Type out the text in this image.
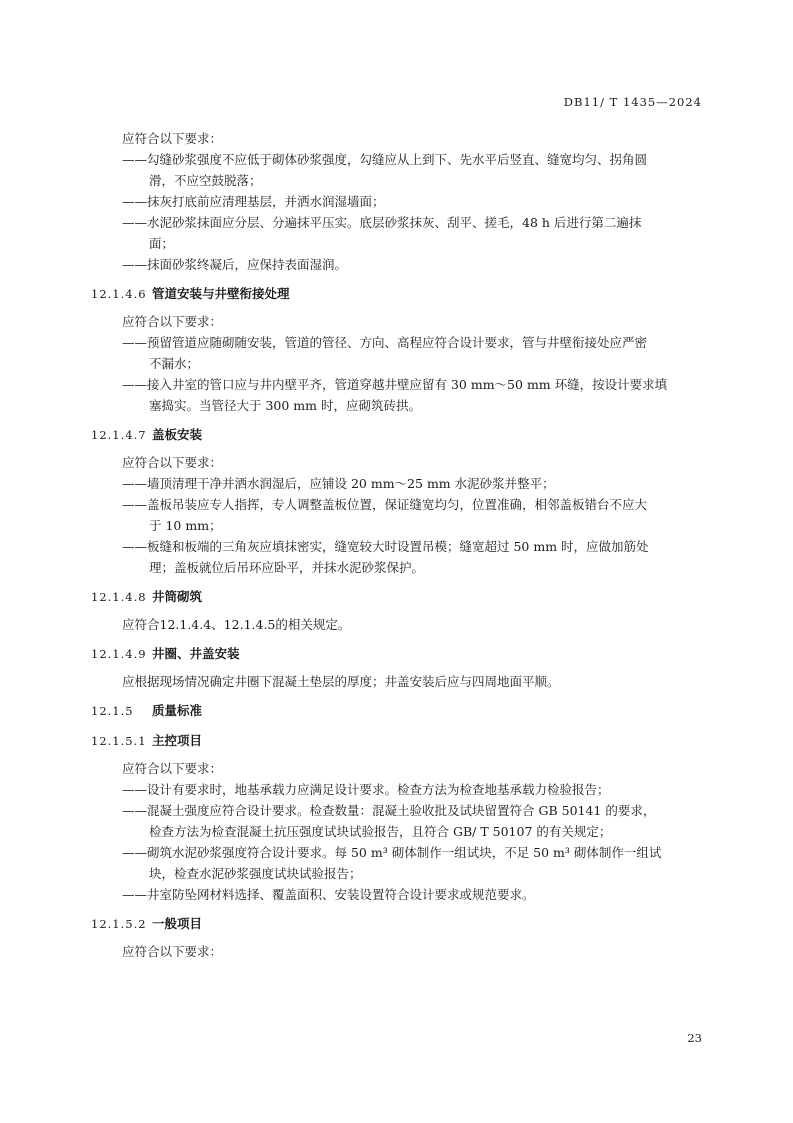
DB11/ T 1435—2024

应符合以下要求：

——勾缝砂浆强度不应低于砌体砂浆强度，勾缝应从上到下、先水平后竖直、缝宽均匀、拐角圆

滑，不应空鼓脱落；

——抹灰打底前应清理基层，并洒水润湿墙面；

——水泥砂浆抹面应分层、分遍抹平压实。底层砂浆抹灰、刮平、搓毛，48 h 后进行第二遍抹

面；

——抹面砂浆终凝后，应保持表面湿润。

12.1.4.6 管道安装与井壁衔接处理

应符合以下要求：

——预留管道应随砌随安装，管道的管径、方向、高程应符合设计要求，管与井壁衔接处应严密

不漏水；

——接入井室的管口应与井内壁平齐，管道穿越井壁应留有 30 mm～50 mm 环缝，按设计要求填

塞捣实。当管径大于 300 mm 时，应砌筑砖拱。

12.1.4.7 盖板安装

应符合以下要求：

——墙顶清理干净并洒水润湿后，应铺设 20 mm～25 mm 水泥砂浆并整平；

——盖板吊装应专人指挥，专人调整盖板位置，保证缝宽均匀，位置准确，相邻盖板错台不应大

于 10 mm；

——板缝和板端的三角灰应填抹密实，缝宽较大时设置吊模；缝宽超过 50 mm 时，应做加筋处

理；盖板就位后吊环应卧平，并抹水泥砂浆保护。

12.1.4.8 井筒砌筑

应符合12.1.4.4、12.1.4.5的相关规定。

12.1.4.9 井圈、井盖安装

应根据现场情况确定井圈下混凝土垫层的厚度；井盖安装后应与四周地面平顺。

12.1.5 质量标准
12.1.5.1 主控项目

应符合以下要求：

——设计有要求时，地基承载力应满足设计要求。检查方法为检查地基承载力检验报告；

——混凝土强度应符合设计要求。检查数量：混凝土验收批及试块留置符合 GB 50141 的要求，

检查方法为检查混凝土抗压强度试块试验报告，且符合 GB/ T 50107 的有关规定；

——砌筑水泥砂浆强度符合设计要求。每 50 m³ 砌体制作一组试块，不足 50 m³ 砌体制作一组试

块，检查水泥砂浆强度试块试验报告；

——井室防坠网材料选择、覆盖面积、安装设置符合设计要求或规范要求。

12.1.5.2 一般项目

应符合以下要求：

23
